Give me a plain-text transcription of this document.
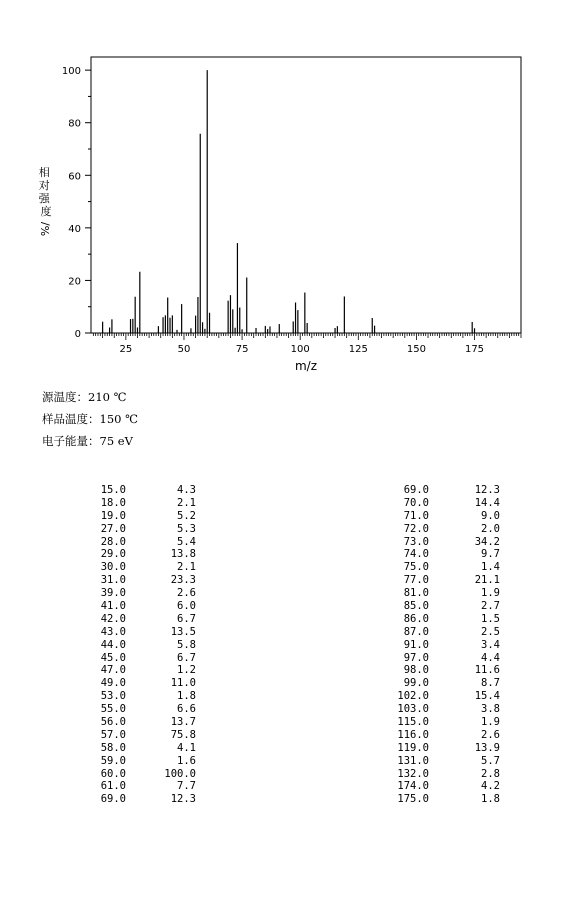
0
20
40
60
80
100
25	50	75	100	125	150	175
相 对 强 度
%/
m/z
源温度：210 ℃
样品温度：150 ℃
电子能量：75 eV
15.0	4.3
18.0	2.1
19.0	5.2
27.0	5.3
28.0	5.4
29.0	13.8
30.0	2.1
31.0	23.3
39.0	2.6
41.0	6.0
42.0	6.7
43.0	13.5
44.0	5.8
45.0	6.7
47.0	1.2
49.0	11.0
53.0	1.8
55.0	6.6
56.0	13.7
57.0	75.8
58.0	4.1
59.0	1.6
60.0	100.0
61.0	7.7
69.0	12.3
69.0	12.3
70.0	14.4
71.0	9.0
72.0	2.0
73.0	34.2
74.0	9.7
75.0	1.4
77.0	21.1
81.0	1.9
85.0	2.7
86.0	1.5
87.0	2.5
91.0	3.4
97.0	4.4
98.0	11.6
99.0	8.7
102.0	15.4
103.0	3.8
115.0	1.9
116.0	2.6
119.0	13.9
131.0	5.7
132.0	2.8
174.0	4.2
175.0	1.8
